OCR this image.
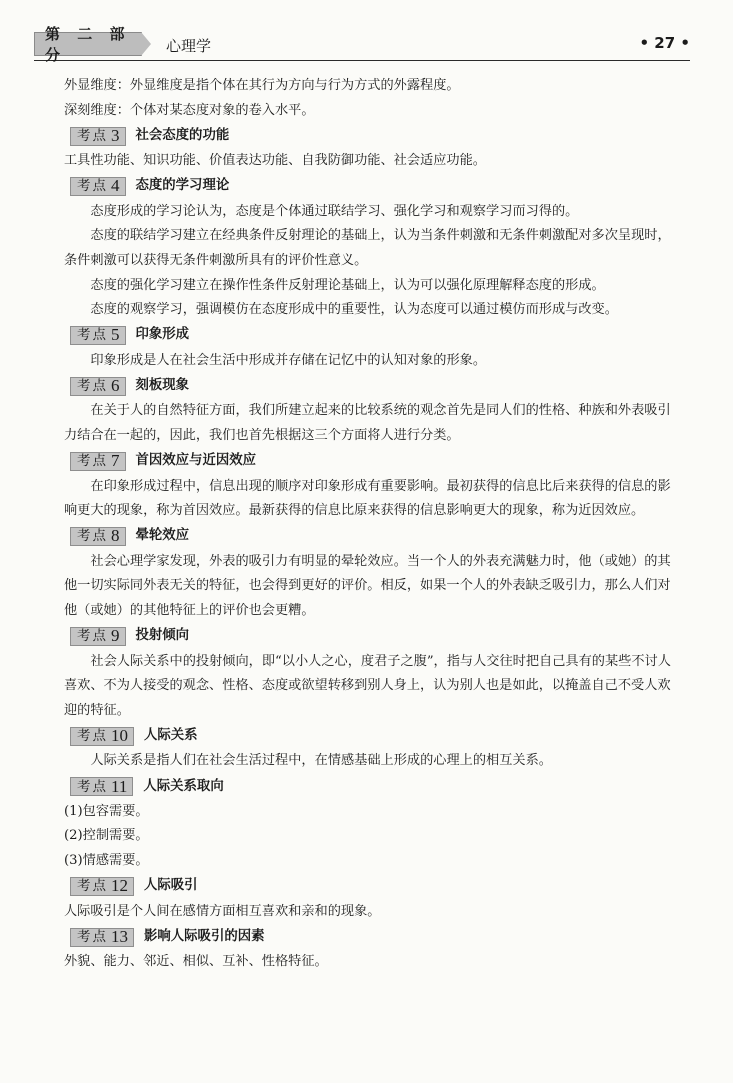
第 二 部 分	心理学	• 27 •

外显维度：外显维度是指个体在其行为方向与行为方式的外露程度。

深刻维度：个体对某态度对象的卷入水平。

考点 3 社会态度的功能

工具性功能、知识功能、价值表达功能、自我防御功能、社会适应功能。

考点 4 态度的学习理论

态度形成的学习论认为，态度是个体通过联结学习、强化学习和观察学习而习得的。

态度的联结学习建立在经典条件反射理论的基础上，认为当条件刺激和无条件刺激配对多次呈现时，条件刺激可以获得无条件刺激所具有的评价性意义。

态度的强化学习建立在操作性条件反射理论基础上，认为可以强化原理解释态度的形成。

态度的观察学习，强调模仿在态度形成中的重要性，认为态度可以通过模仿而形成与改变。

考点 5 印象形成

印象形成是人在社会生活中形成并存储在记忆中的认知对象的形象。

考点 6 刻板现象

在关于人的自然特征方面，我们所建立起来的比较系统的观念首先是同人们的性格、种族和外表吸引力结合在一起的，因此，我们也首先根据这三个方面将人进行分类。

考点 7 首因效应与近因效应

在印象形成过程中，信息出现的顺序对印象形成有重要影响。最初获得的信息比后来获得的信息的影响更大的现象，称为首因效应。最新获得的信息比原来获得的信息影响更大的现象，称为近因效应。

考点 8 晕轮效应

社会心理学家发现，外表的吸引力有明显的晕轮效应。当一个人的外表充满魅力时，他（或她）的其他一切实际同外表无关的特征，也会得到更好的评价。相反，如果一个人的外表缺乏吸引力，那么人们对他（或她）的其他特征上的评价也会更糟。

考点 9 投射倾向

社会人际关系中的投射倾向，即“以小人之心，度君子之腹”，指与人交往时把自己具有的某些不讨人喜欢、不为人接受的观念、性格、态度或欲望转移到别人身上，认为别人也是如此，以掩盖自己不受人欢迎的特征。

考点 10 人际关系

人际关系是指人们在社会生活过程中，在情感基础上形成的心理上的相互关系。

考点 11 人际关系取向

(1)包容需要。

(2)控制需要。

(3)情感需要。

考点 12 人际吸引

人际吸引是个人间在感情方面相互喜欢和亲和的现象。

考点 13 影响人际吸引的因素

外貌、能力、邻近、相似、互补、性格特征。
